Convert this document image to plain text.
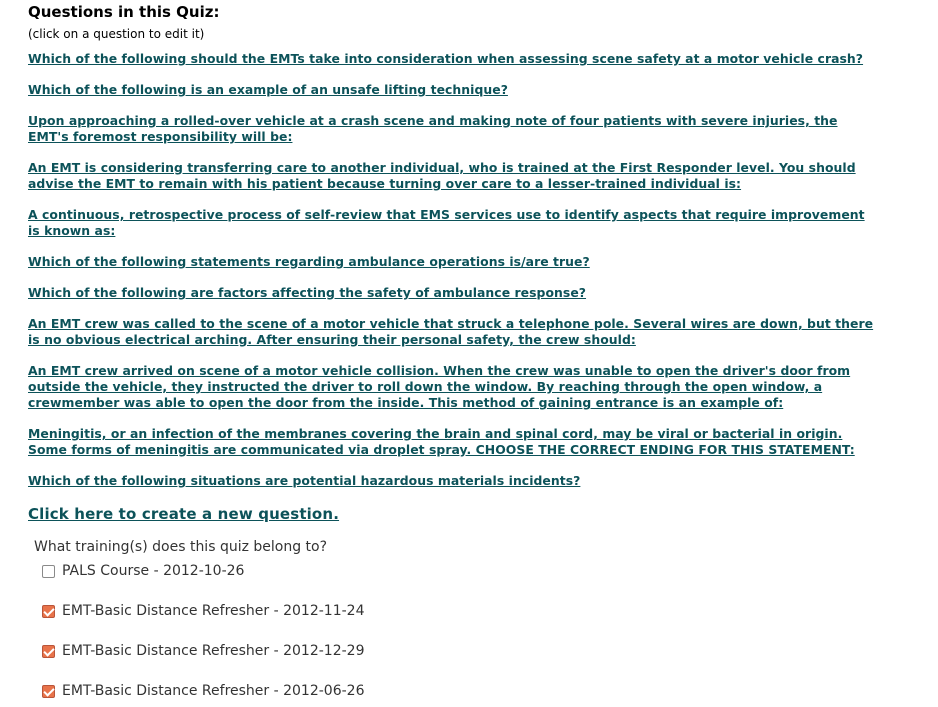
Questions in this Quiz:

(click on a question to edit it)

Which of the following should the EMTs take into consideration when assessing scene safety at a motor vehicle crash?
Which of the following is an example of an unsafe lifting technique?
Upon approaching a rolled-over vehicle at a crash scene and making note of four patients with severe injuries, the EMT's foremost responsibility will be:
An EMT is considering transferring care to another individual, who is trained at the First Responder level. You should advise the EMT to remain with his patient because turning over care to a lesser-trained individual is:
A continuous, retrospective process of self-review that EMS services use to identify aspects that require improvement is known as:
Which of the following statements regarding ambulance operations is/are true?
Which of the following are factors affecting the safety of ambulance response?
An EMT crew was called to the scene of a motor vehicle that struck a telephone pole. Several wires are down, but there is no obvious electrical arching. After ensuring their personal safety, the crew should:
An EMT crew arrived on scene of a motor vehicle collision. When the crew was unable to open the driver's door from outside the vehicle, they instructed the driver to roll down the window. By reaching through the open window, a crewmember was able to open the door from the inside. This method of gaining entrance is an example of:
Meningitis, or an infection of the membranes covering the brain and spinal cord, may be viral or bacterial in origin. Some forms of meningitis are communicated via droplet spray. CHOOSE THE CORRECT ENDING FOR THIS STATEMENT:
Which of the following situations are potential hazardous materials incidents?
Click here to create a new question.

What training(s) does this quiz belong to?

PALS Course - 2012-10-26
EMT-Basic Distance Refresher - 2012-11-24
EMT-Basic Distance Refresher - 2012-12-29
EMT-Basic Distance Refresher - 2012-06-26
